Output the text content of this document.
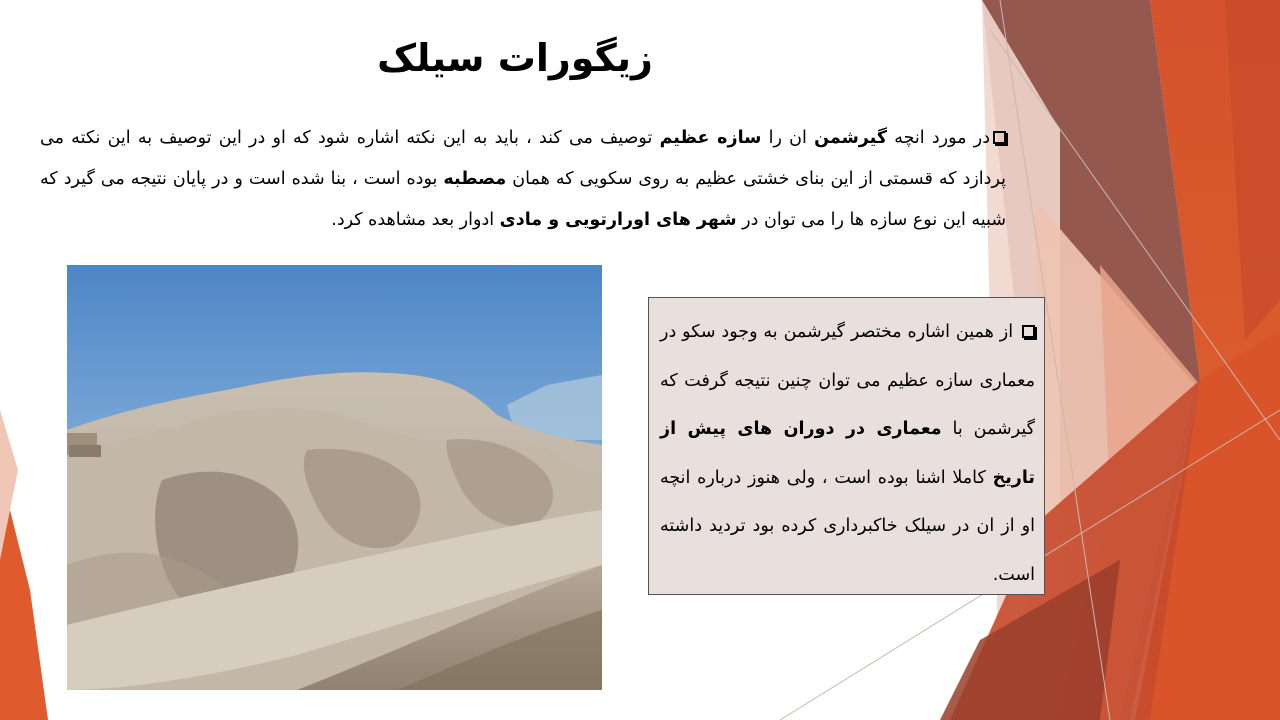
زیگورات سیلک

در مورد انچه گیرشمن ان را سازه عظیم توصیف می کند ، باید به این نکته اشاره شود که او در این توصیف به این نکته می پردازد که قسمتی از این بنای خشتی عظیم به روی سکویی که همان مصطبه بوده است ، بنا شده است و در پایان نتیجه می گیرد که شبیه این نوع سازه ها را می توان در شهر های اورارتویی و مادی ادوار بعد مشاهده کرد.

از همین اشاره مختصر گیرشمن به وجود سکو در معماری سازه عظیم می توان چنین نتیجه گرفت که گیرشمن با معماری در دوران های پیش از تاریخ کاملا اشنا بوده است ، ولی هنوز درباره انچه او از ان در سیلک خاکبرداری کرده بود تردید داشته است.
